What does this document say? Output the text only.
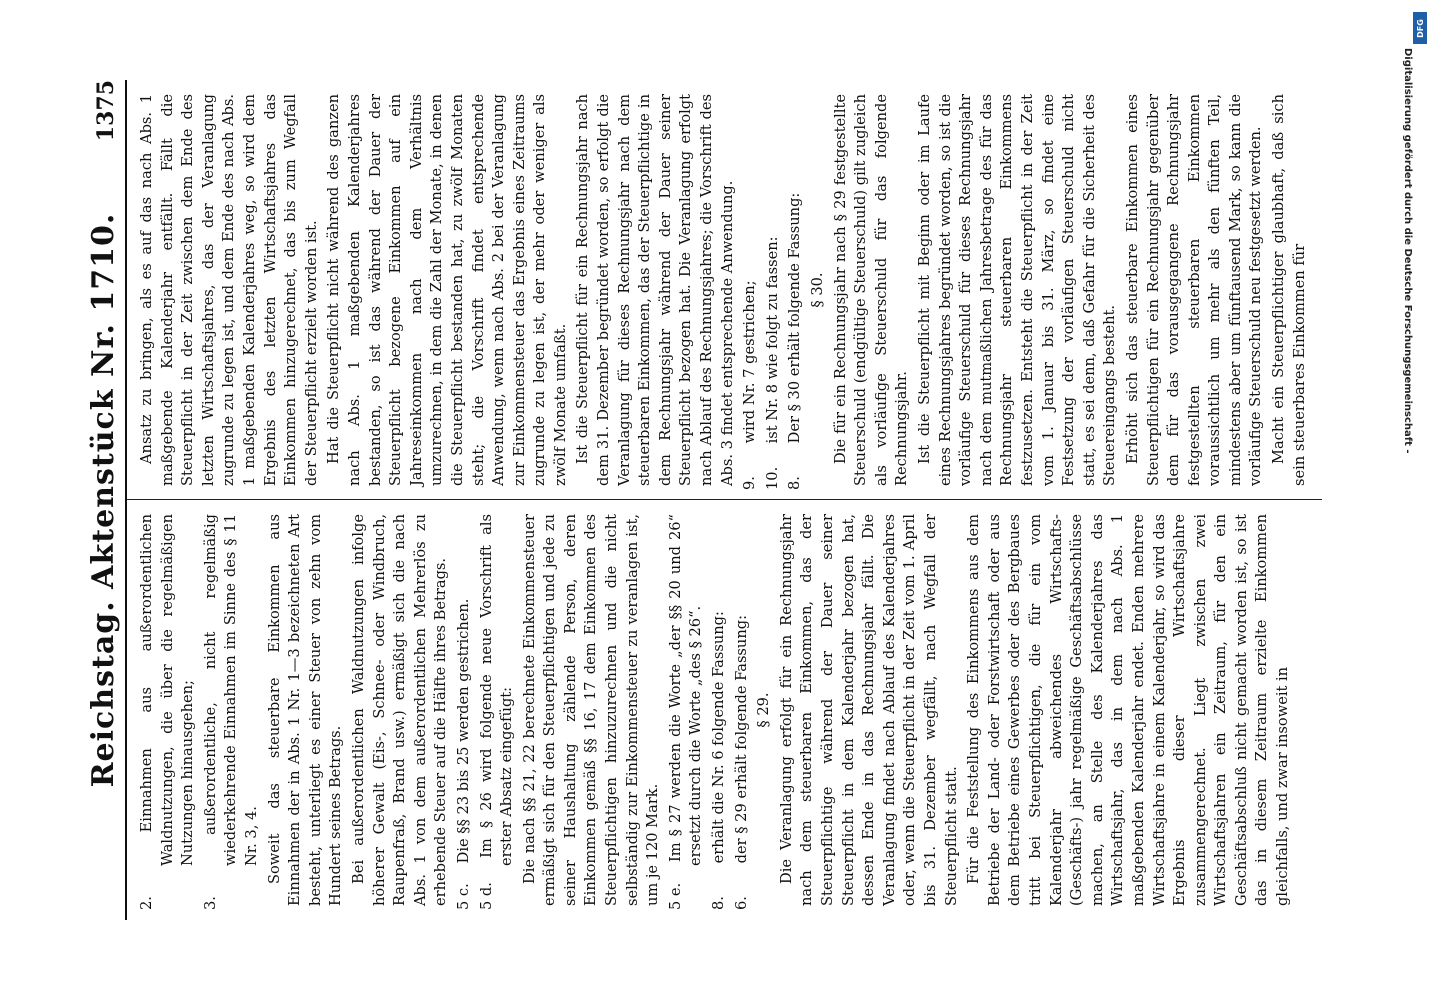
Reichstag. Aktenstück Nr. 1710.
1375

2. Einnahmen aus außerordentlichen Waldnutzungen, die über die regelmäßigen Nutzungen hinausgehen;

3. außerordentliche, nicht regelmäßig wiederkehrende Einnahmen im Sinne des § 11 Nr. 3, 4. Soweit das steuerbare Einkommen aus Einnahmen der in Abs. 1 Nr. 1—3 bezeichneten Art besteht, unterliegt es einer Steuer von zehn vom Hundert seines Betrags. Bei außerordentlichen Waldnutzungen infolge höherer Gewalt (Eis-, Schnee- oder Windbruch, Raupenfraß, Brand usw.) ermäßigt sich die nach Abs. 1 von dem außerordentlichen Mehrerlös zu erhebende Steuer auf die Hälfte ihres Betrags. 5 c. Die §§ 23 bis 25 werden gestrichen.

5 d. Im § 26 wird folgende neue Vorschrift als erster Absatz eingefügt: Die nach §§ 21, 22 berechnete Einkommensteuer ermäßigt sich für den Steuerpflichtigen und jede zu seiner Haushaltung zählende Person, deren Einkommen gemäß §§ 16, 17 dem Einkommen des Steuerpflichtigen hinzuzurechnen und die nicht selbständig zur Einkommensteuer zu veranlagen ist, um je 120 Mark. 5 e. Im § 27 werden die Worte „der §§ 20 und 26“ ersetzt durch die Worte „des § 26“.

8. erhält die Nr. 6 folgende Fassung:

6. der § 29 erhält folgende Fassung: § 29. Die Veranlagung erfolgt für ein Rechnungsjahr nach dem steuerbaren Einkommen, das der Steuerpflichtige während der Dauer seiner Steuerpflicht in dem Kalenderjahr bezogen hat, dessen Ende in das Rechnungsjahr fällt. Die Veranlagung findet nach Ablauf des Kalenderjahres oder, wenn die Steuerpflicht in der Zeit vom 1. April bis 31. Dezember wegfällt, nach Wegfall der Steuerpflicht statt. Für die Feststellung des Einkommens aus dem Betriebe der Land- oder Forstwirtschaft oder aus dem Betriebe eines Gewerbes oder des Bergbaues tritt bei Steuerpflichtigen, die für ein vom Kalenderjahr abweichendes Wirtschafts- (Geschäfts-) jahr regelmäßige Geschäftsabschlüsse machen, an Stelle des Kalenderjahres das Wirtschaftsjahr, das in dem nach Abs. 1 maßgebenden Kalenderjahr endet. Enden mehrere Wirtschaftsjahre in einem Kalenderjahr, so wird das Ergebnis dieser Wirtschaftsjahre zusammengerechnet. Liegt zwischen zwei Wirtschaftsjahren ein Zeitraum, für den ein Geschäftsabschluß nicht gemacht worden ist, so ist das in diesem Zeitraum erzielte Einkommen gleichfalls, und zwar insoweit in

Ansatz zu bringen, als es auf das nach Abs. 1 maßgebende Kalenderjahr entfällt. Fällt die Steuerpflicht in der Zeit zwischen dem Ende des letzten Wirtschaftsjahres, das der Veranlagung zugrunde zu legen ist, und dem Ende des nach Abs. 1 maßgebenden Kalenderjahres weg, so wird dem Ergebnis des letzten Wirtschaftsjahres das Einkommen hinzugerechnet, das bis zum Wegfall der Steuerpflicht erzielt worden ist. Hat die Steuerpflicht nicht während des ganzen nach Abs. 1 maßgebenden Kalenderjahres bestanden, so ist das während der Dauer der Steuerpflicht bezogene Einkommen auf ein Jahreseinkommen nach dem Verhältnis umzurechnen, in dem die Zahl der Monate, in denen die Steuerpflicht bestanden hat, zu zwölf Monaten steht; die Vorschrift findet entsprechende Anwendung, wenn nach Abs. 2 bei der Veranlagung zur Einkommensteuer das Ergebnis eines Zeitraums zugrunde zu legen ist, der mehr oder weniger als zwölf Monate umfaßt. Ist die Steuerpflicht für ein Rechnungsjahr nach dem 31. Dezember begründet worden, so erfolgt die Veranlagung für dieses Rechnungsjahr nach dem steuerbaren Einkommen, das der Steuerpflichtige in dem Rechnungsjahr während der Dauer seiner Steuerpflicht bezogen hat. Die Veranlagung erfolgt nach Ablauf des Rechnungsjahres; die Vorschrift des Abs. 3 findet entsprechende Anwendung. 9. wird Nr. 7 gestrichen;

10. ist Nr. 8 wie folgt zu fassen:

8. Der § 30 erhält folgende Fassung: § 30. Die für ein Rechnungsjahr nach § 29 festgestellte Steuerschuld (endgültige Steuerschuld) gilt zugleich als vorläufige Steuerschuld für das folgende Rechnungsjahr. Ist die Steuerpflicht mit Beginn oder im Laufe eines Rechnungsjahres begründet worden, so ist die vorläufige Steuerschuld für dieses Rechnungsjahr nach dem mutmaßlichen Jahresbetrage des für das Rechnungsjahr steuerbaren Einkommens festzusetzen. Entsteht die Steuerpflicht in der Zeit vom 1. Januar bis 31. März, so findet eine Festsetzung der vorläufigen Steuerschuld nicht statt, es sei denn, daß Gefahr für die Sicherheit des Steuereingangs besteht. Erhöht sich das steuerbare Einkommen eines Steuerpflichtigen für ein Rechnungsjahr gegenüber dem für das vorausgegangene Rechnungsjahr festgestellten steuerbaren Einkommen voraussichtlich um mehr als den fünften Teil, mindestens aber um fünftausend Mark, so kann die vorläufige Steuerschuld neu festgesetzt werden. Macht ein Steuerpflichtiger glaubhaft, daß sich sein steuerbares Einkommen für

DFG
Digitalisierung gefördert durch die Deutsche Forschungsgemeinschaft -
